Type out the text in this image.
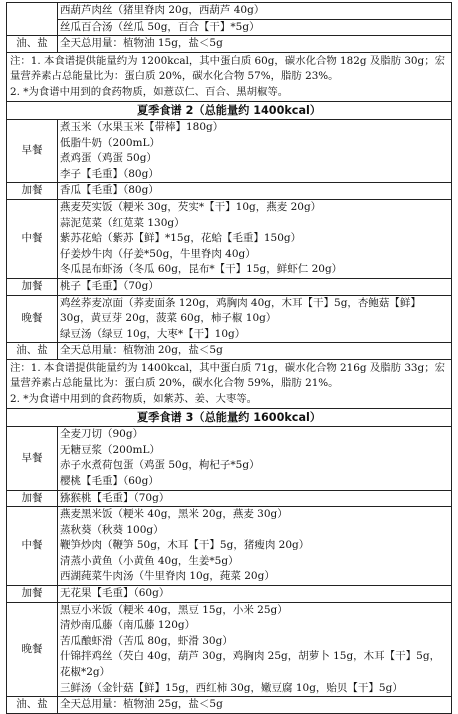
	西葫芦肉丝（猪里脊肉 20g，西葫芦 40g）
丝瓜百合汤（丝瓜 50g，百合【干】*5g）

油、盐	全天总用量：植物油 15g，盐＜5g

注：1. 本食谱提供能量约为 1200kcal，其中蛋白质 60g，碳水化合物 182g 及脂肪 30g；宏量营养素占总能量比为：蛋白质 20%，碳水化合物 57%，脂肪 23%。
2. *为食谱中用到的食药物质，如薏苡仁、百合、黑胡椒等。	

夏季食谱 2（总能量约 1400kcal）	
早餐	煮玉米（水果玉米【带棒】180g）
低脂牛奶（200mL）
煮鸡蛋（鸡蛋 50g）
李子【毛重】（80g）

加餐	香瓜【毛重】（80g）

中餐	燕麦芡实饭（粳米 30g，芡实*【干】10g，燕麦 20g）
蒜泥苋菜（红苋菜 130g）
紫苏花蛤（紫苏【鲜】*15g，花蛤【毛重】150g）
仔姜炒牛肉（仔姜*50g，牛里脊肉 40g）
冬瓜昆布虾汤（冬瓜 60g，昆布*【干】15g，鲜虾仁 20g）

加餐	桃子【毛重】（70g）

晚餐	鸡丝荞麦凉面（荞麦面条 120g，鸡胸肉 40g，木耳【干】5g，杏鲍菇【鲜】30g，黄豆芽 20g，菠菜 60g，柿子椒 10g）
绿豆汤（绿豆 10g，大枣*【干】10g）

油、盐	全天总用量：植物油 20g，盐＜5g

注：1. 本食谱提供能量约为 1400kcal，其中蛋白质 71g，碳水化合物 216g 及脂肪 33g；宏量营养素占总能量比为：蛋白质 20%，碳水化合物 59%，脂肪 21%。
2. *为食谱中用到的食药物质，如紫苏、姜、大枣等。	

夏季食谱 3（总能量约 1600kcal）	
早餐	全麦刀切（90g）
无糖豆浆（200mL）
赤子水煮荷包蛋（鸡蛋 50g，枸杞子*5g）
樱桃【毛重】（60g）

加餐	猕猴桃【毛重】（70g）

中餐	燕麦黑米饭（粳米 40g，黑米 20g，燕麦 30g）
蒸秋葵（秋葵 100g）
鞭笋炒肉（鞭笋 50g，木耳【干】5g，猪瘦肉 20g）
清蒸小黄鱼（小黄鱼 40g，生姜*5g）
西湖莼菜牛肉汤（牛里脊肉 10g，莼菜 20g）

加餐	无花果【毛重】（60g）

晚餐	黑豆小米饭（粳米 40g，黑豆 15g，小米 25g）
清炒南瓜藤（南瓜藤 120g）
苦瓜酿虾滑（苦瓜 80g，虾滑 30g）
什锦拌鸡丝（芡白 40g，葫芦 30g，鸡胸肉 25g，胡萝卜 15g，木耳【干】5g，花椒*2g）
三鲜汤（金针菇【鲜】15g，西红柿 30g，嫩豆腐 10g，贻贝【干】5g）

油、盐	全天总用量：植物油 25g，盐＜5g
